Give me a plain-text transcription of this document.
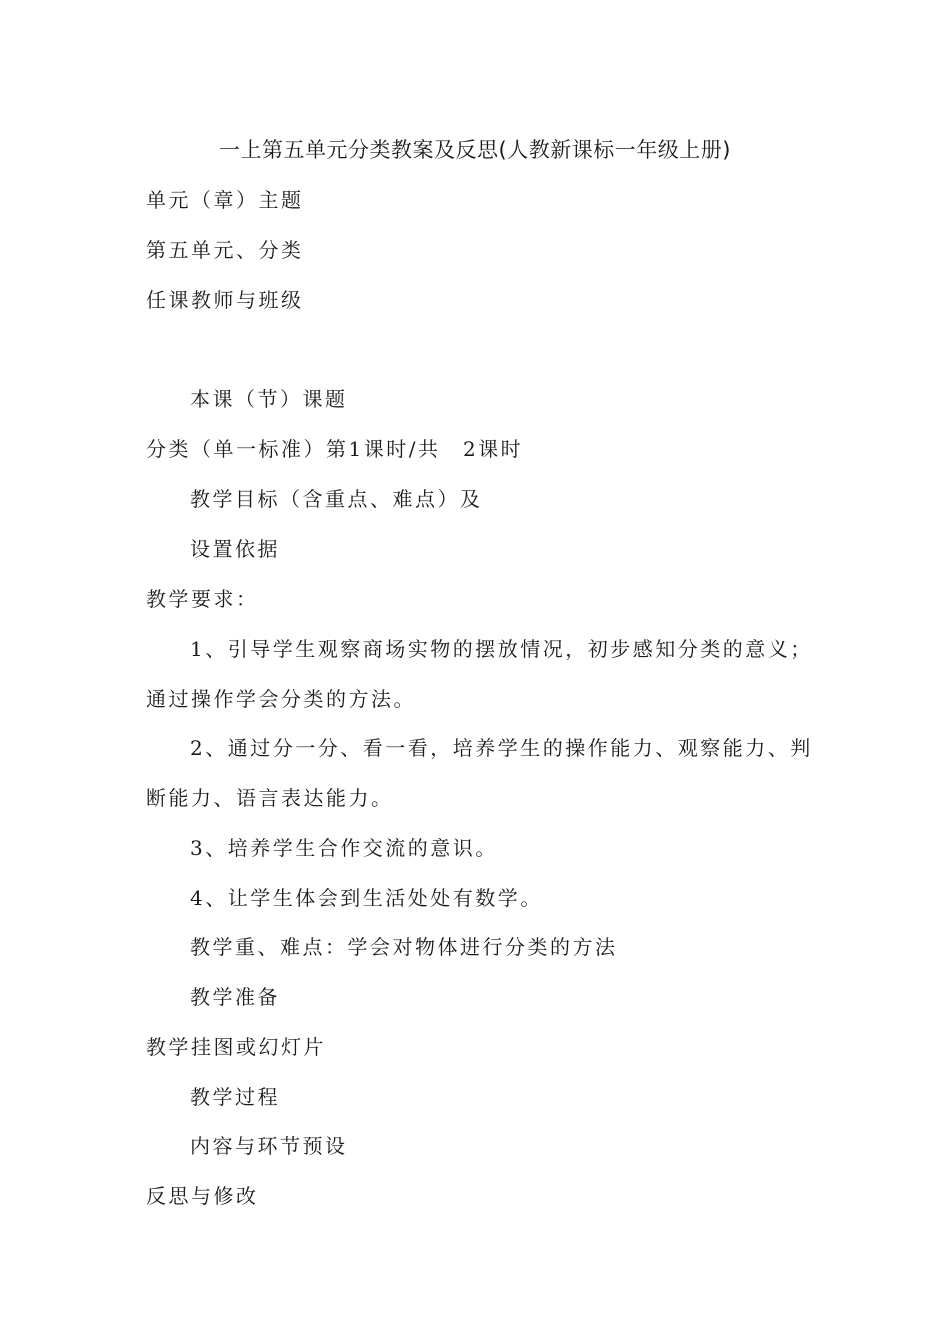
一上第五单元分类教案及反思(人教新课标一年级上册)
单元（章）主题
第五单元、分类
任课教师与班级
本课（节）课题
分类（单一标准）第1课时/共　2课时
教学目标（含重点、难点）及
设置依据
教学要求：
1、引导学生观察商场实物的摆放情况，初步感知分类的意义；
通过操作学会分类的方法。
2、通过分一分、看一看，培养学生的操作能力、观察能力、判
断能力、语言表达能力。
3、培养学生合作交流的意识。
4、让学生体会到生活处处有数学。
教学重、难点：学会对物体进行分类的方法
教学准备
教学挂图或幻灯片
教学过程
内容与环节预设
反思与修改
